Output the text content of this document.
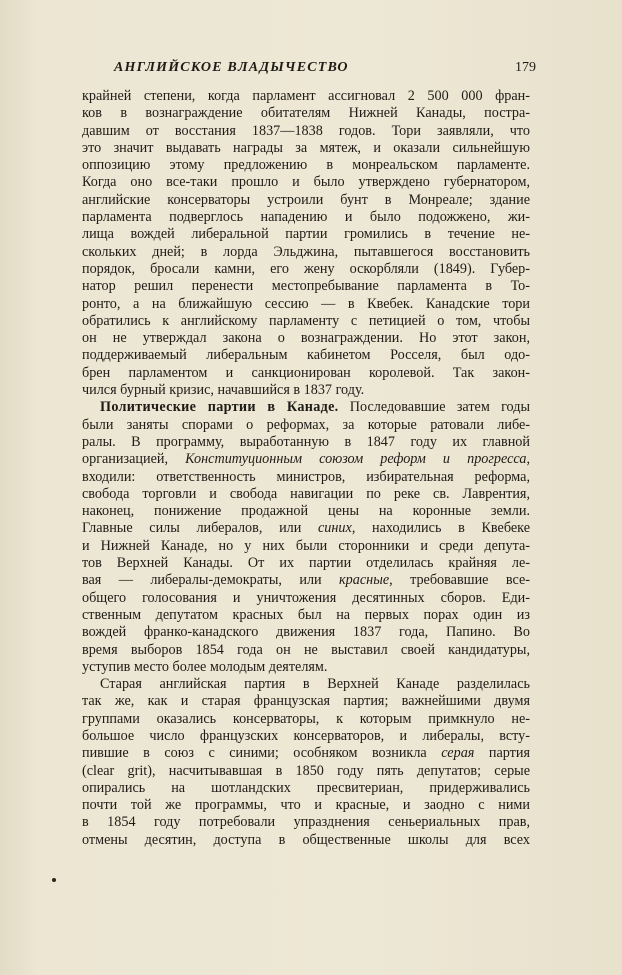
АНГЛИЙСКОЕ ВЛАДЫЧЕСТВО	179
крайней степени, когда парламент ассигновал 2 500 000 фран-
ков в вознаграждение обитателям Нижней Канады, постра-
давшим от восстания 1837—1838 годов. Тори заявляли, что
это значит выдавать награды за мятеж, и оказали сильнейшую
оппозицию этому предложению в монреальском парламенте.
Когда оно все-таки прошло и было утверждено губернатором,
английские консерваторы устроили бунт в Монреале; здание
парламента подверглось нападению и было подожжено, жи-
лища вождей либеральной партии громились в течение не-
скольких дней; в лорда Эльджина, пытавшегося восстановить
порядок, бросали камни, его жену оскорбляли (1849). Губер-
натор решил перенести местопребывание парламента в То-
ронто, а на ближайшую сессию — в Квебек. Канадские тори
обратились к английскому парламенту с петицией о том, чтобы
он не утверждал закона о вознаграждении. Но этот закон,
поддерживаемый либеральным кабинетом Росселя, был одо-
брен парламентом и санкционирован королевой. Так закон-
чился бурный кризис, начавшийся в 1837 году.
Политические партии в Канаде. Последовавшие затем годы
были заняты спорами о реформах, за которые ратовали либе-
ралы. В программу, выработанную в 1847 году их главной
организацией, Конституционным союзом реформ и прогресса,
входили: ответственность министров, избирательная реформа,
свобода торговли и свобода навигации по реке св. Лаврентия,
наконец, понижение продажной цены на коронные земли.
Главные силы либералов, или синих, находились в Квебеке
и Нижней Канаде, но у них были сторонники и среди депута-
тов Верхней Канады. От их партии отделилась крайняя ле-
вая — либералы-демократы, или красные, требовавшие все-
общего голосования и уничтожения десятинных сборов. Еди-
ственным депутатом красных был на первых порах один из
вождей франко-канадского движения 1837 года, Папино. Во
время выборов 1854 года он не выставил своей кандидатуры,
уступив место более молодым деятелям.
Старая английская партия в Верхней Канаде разделилась
так же, как и старая французская партия; важнейшими двумя
группами оказались консерваторы, к которым примкнуло не-
большое число французских консерваторов, и либералы, всту-
пившие в союз с синими; особняком возникла серая партия
(clear grit), насчитывавшая в 1850 году пять депутатов; серые
опирались на шотландских пресвитериан, придерживались
почти той же программы, что и красные, и заодно с ними
в 1854 году потребовали упразднения сеньериальных прав,
отмены десятин, доступа в общественные школы для всех
